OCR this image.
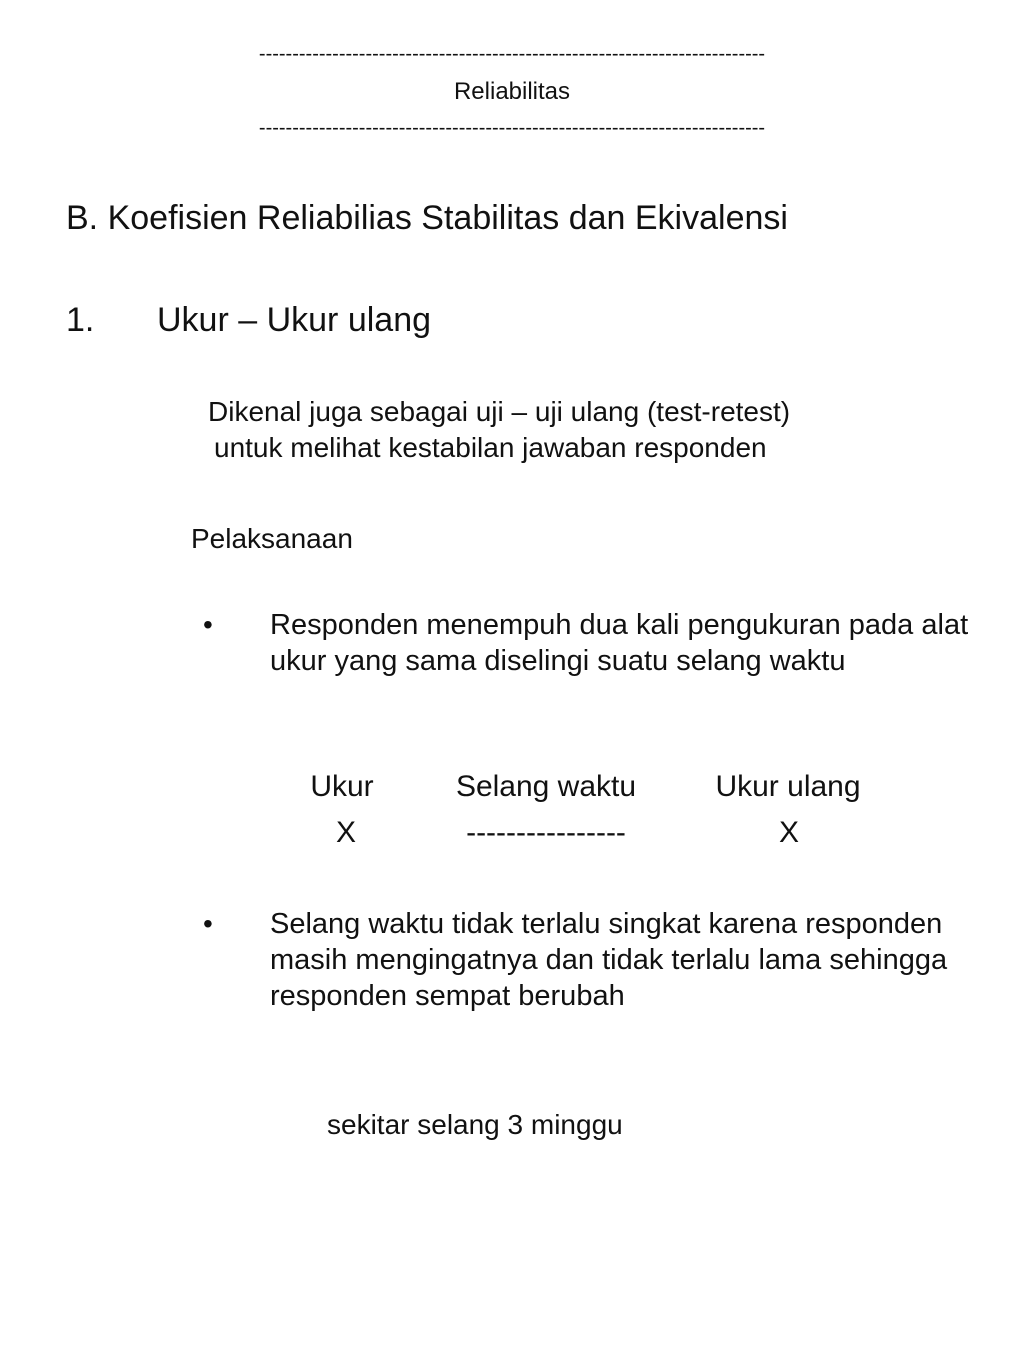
----------------------------------------------------------------------------
Reliabilitas
----------------------------------------------------------------------------
B. Koefisien Reliabilias Stabilitas dan Ekivalensi
1. Ukur – Ukur ulang
Dikenal juga sebagai uji – uji ulang (test-retest)
untuk melihat kestabilan jawaban responden
Pelaksanaan
• Responden menempuh dua kali pengukuran pada alat ukur yang sama diselingi suatu selang waktu
Ukur	Selang waktu	Ukur ulang
X	----------------	X
• Selang waktu tidak terlalu singkat karena responden masih mengingatnya dan tidak terlalu lama sehingga responden sempat berubah
sekitar selang 3 minggu
